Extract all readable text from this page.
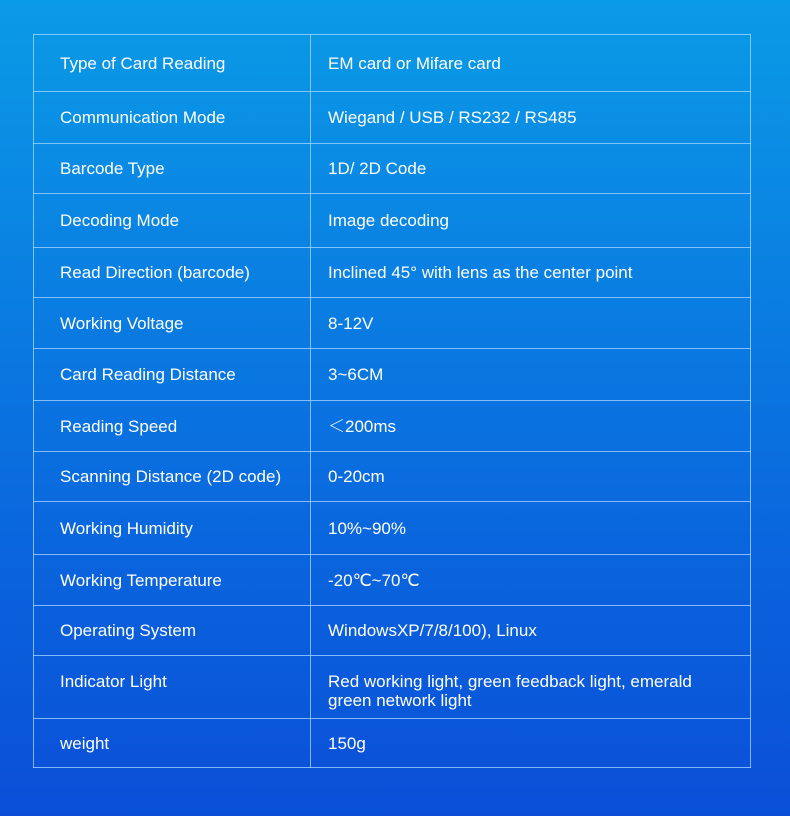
Type of Card Reading	EM card or Mifare card
Communication Mode	Wiegand / USB / RS232 / RS485
Barcode Type	1D/ 2D Code
Decoding Mode	Image decoding
Read Direction (barcode)	Inclined 45° with lens as the center point
Working Voltage	8-12V
Card Reading Distance	3~6CM
Reading Speed	＜200ms
Scanning Distance (2D code)	0-20cm
Working Humidity	10%~90%
Working Temperature	-20℃~70℃
Operating System	WindowsXP/7/8/100), Linux
Indicator Light	Red working light, green feedback light, emerald green network light
weight	150g
